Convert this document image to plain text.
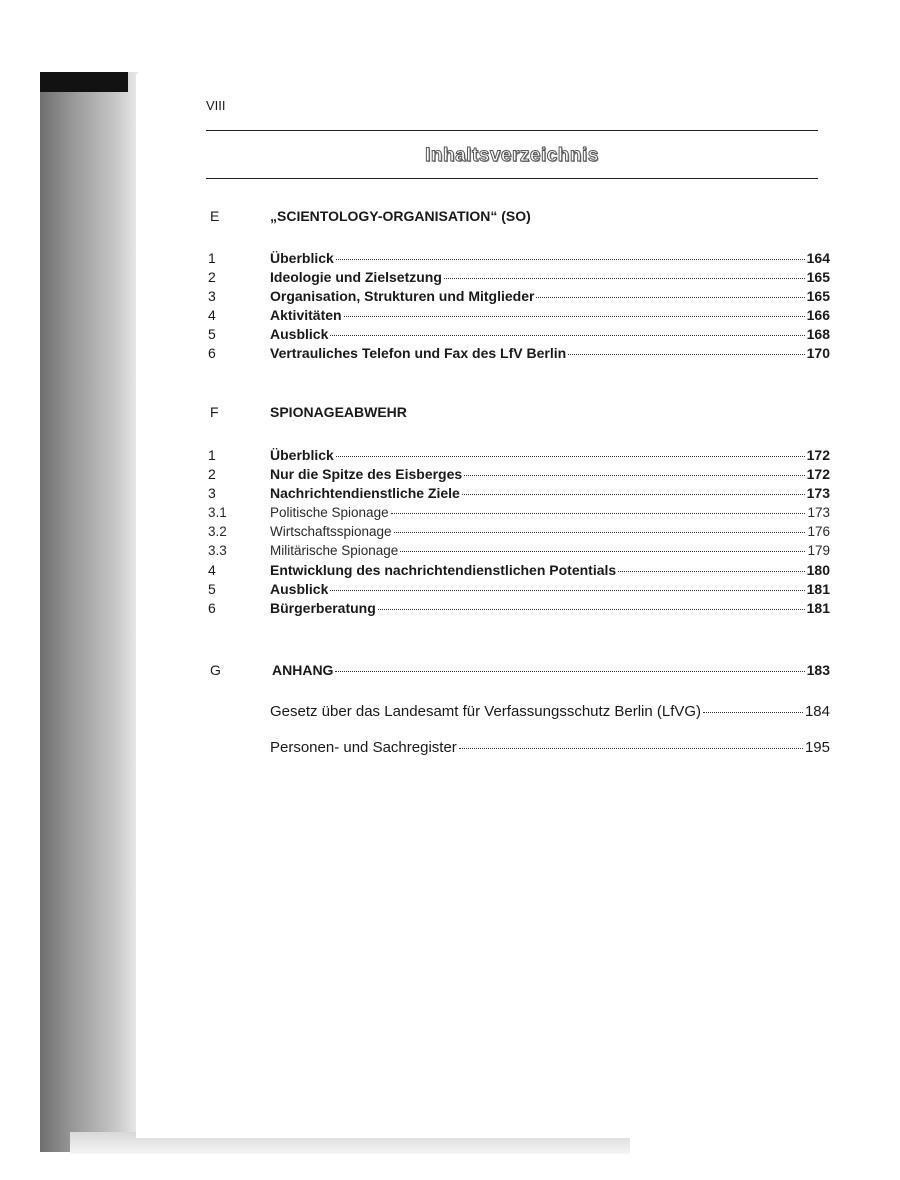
VIII
Inhaltsverzeichnis
E	„SCIENTOLOGY-ORGANISATION“ (SO)
1	Überblick	164
2	Ideologie und Zielsetzung	165
3	Organisation, Strukturen und Mitglieder	165
4	Aktivitäten	166
5	Ausblick	168
6	Vertrauliches Telefon und Fax des LfV Berlin	170
F	SPIONAGEABWEHR
1	Überblick	172
2	Nur die Spitze des Eisberges	172
3	Nachrichtendienstliche Ziele	173
3.1	Politische Spionage	173
3.2	Wirtschaftsspionage	176
3.3	Militärische Spionage	179
4	Entwicklung des nachrichtendienstlichen Potentials	180
5	Ausblick	181
6	Bürgerberatung	181
G	ANHANG	183
Gesetz über das Landesamt für Verfassungsschutz Berlin (LfVG)	184
Personen- und Sachregister	195
